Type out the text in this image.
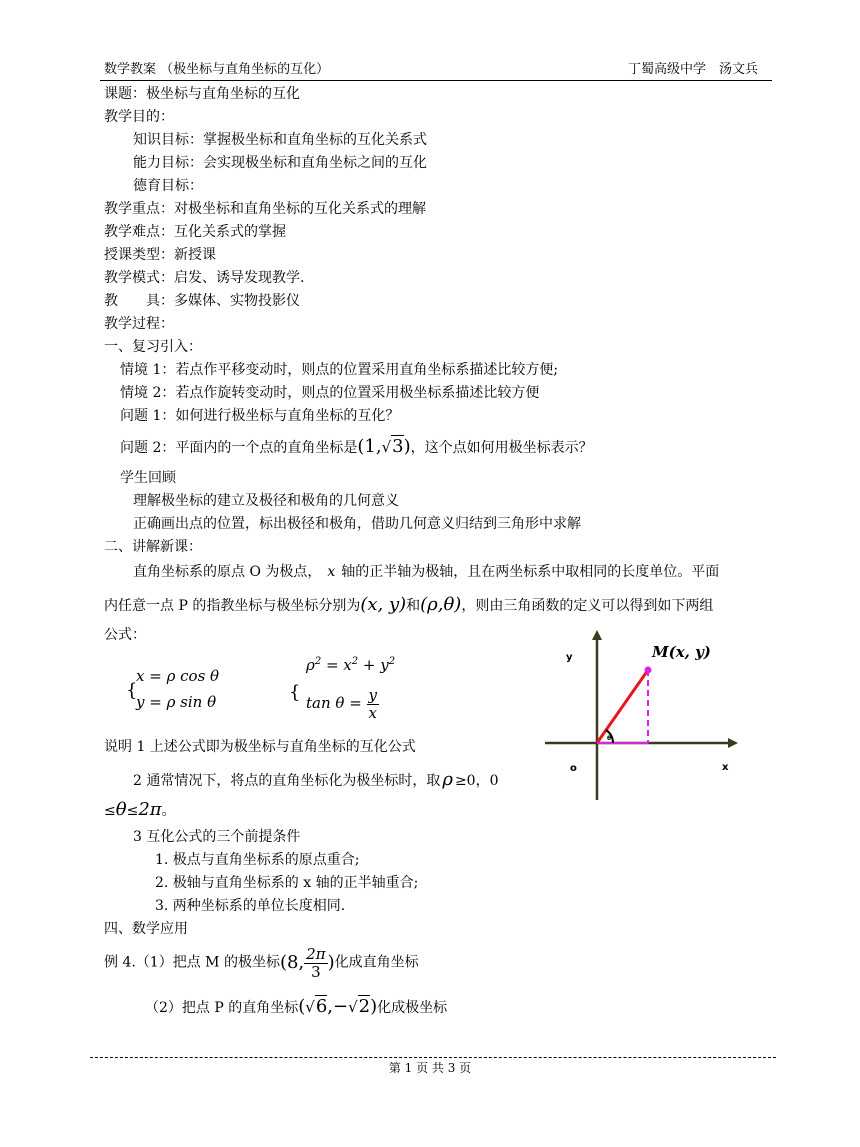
数学教案 （极坐标与直角坐标的互化）	丁蜀高级中学　汤文兵
课题：极坐标与直角坐标的互化
教学目的：
知识目标：掌握极坐标和直角坐标的互化关系式
能力目标：会实现极坐标和直角坐标之间的互化
德育目标：
教学重点：对极坐标和直角坐标的互化关系式的理解
教学难点：互化关系式的掌握
授课类型：新授课
教学模式：启发、诱导发现教学.
教　　具：多媒体、实物投影仪
教学过程：
一、复习引入：
情境 1：若点作平移变动时，则点的位置采用直角坐标系描述比较方便;
情境 2：若点作旋转变动时，则点的位置采用极坐标系描述比较方便
问题 1：如何进行极坐标与直角坐标的互化？
问题 2：平面内的一个点的直角坐标是(1,√3)，这个点如何用极坐标表示？
学生回顾
理解极坐标的建立及极径和极角的几何意义
正确画出点的位置，标出极径和极角，借助几何意义归结到三角形中求解
二、讲解新课：
直角坐标系的原点 O 为极点， x 轴的正半轴为极轴，且在两坐标系中取相同的长度单位。平面
内任意一点 P 的指教坐标与极坐标分别为(x, y)和(ρ,θ)，则由三角函数的定义可以得到如下两组
公式：
{
x = ρ cos θ
y = ρ sin θ	{
$\rho^2 = x^2 + y^2$
$\tan \theta = \frac{y}{x}$
说明 1 上述公式即为极坐标与直角坐标的互化公式
2 通常情况下，将点的直角坐标化为极坐标时，取 ρ ≥0，0
≤θ≤2π。
3 互化公式的三个前提条件
1. 极点与直角坐标系的原点重合;
2. 极轴与直角坐标系的 x 轴的正半轴重合;
3. 两种坐标系的单位长度相同.
四、数学应用
例 4.（1）把点 M 的极坐标(8, $\frac{2\pi}{3}$ )化成直角坐标
（2）把点 P 的直角坐标(√6,−√2)化成极坐标
y
x
o
θ
M(x, y)
第 1 页 共 3 页
